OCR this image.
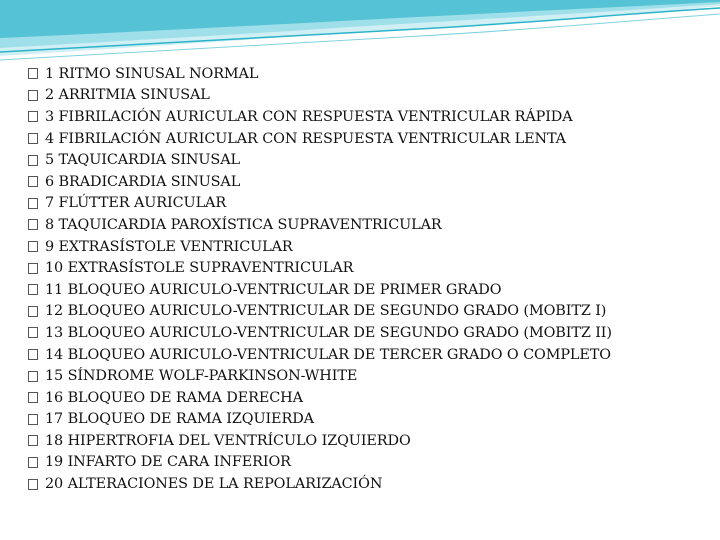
1 RITMO SINUSAL NORMAL
2 ARRITMIA SINUSAL
3 FIBRILACIÓN AURICULAR CON RESPUESTA VENTRICULAR RÁPIDA
4 FIBRILACIÓN AURICULAR CON RESPUESTA VENTRICULAR LENTA
5 TAQUICARDIA SINUSAL
6 BRADICARDIA SINUSAL
7 FLÚTTER AURICULAR
8 TAQUICARDIA PAROXÍSTICA SUPRAVENTRICULAR
9 EXTRASÍSTOLE VENTRICULAR
10 EXTRASÍSTOLE SUPRAVENTRICULAR
11 BLOQUEO AURICULO-VENTRICULAR DE PRIMER GRADO
12 BLOQUEO AURICULO-VENTRICULAR DE SEGUNDO GRADO (MOBITZ I)
13 BLOQUEO AURICULO-VENTRICULAR DE SEGUNDO GRADO (MOBITZ II)
14 BLOQUEO AURICULO-VENTRICULAR DE TERCER GRADO O COMPLETO
15 SÍNDROME WOLF-PARKINSON-WHITE
16 BLOQUEO DE RAMA DERECHA
17 BLOQUEO DE RAMA IZQUIERDA
18 HIPERTROFIA DEL VENTRÍCULO IZQUIERDO
19 INFARTO DE CARA INFERIOR
20 ALTERACIONES DE LA REPOLARIZACIÓN
